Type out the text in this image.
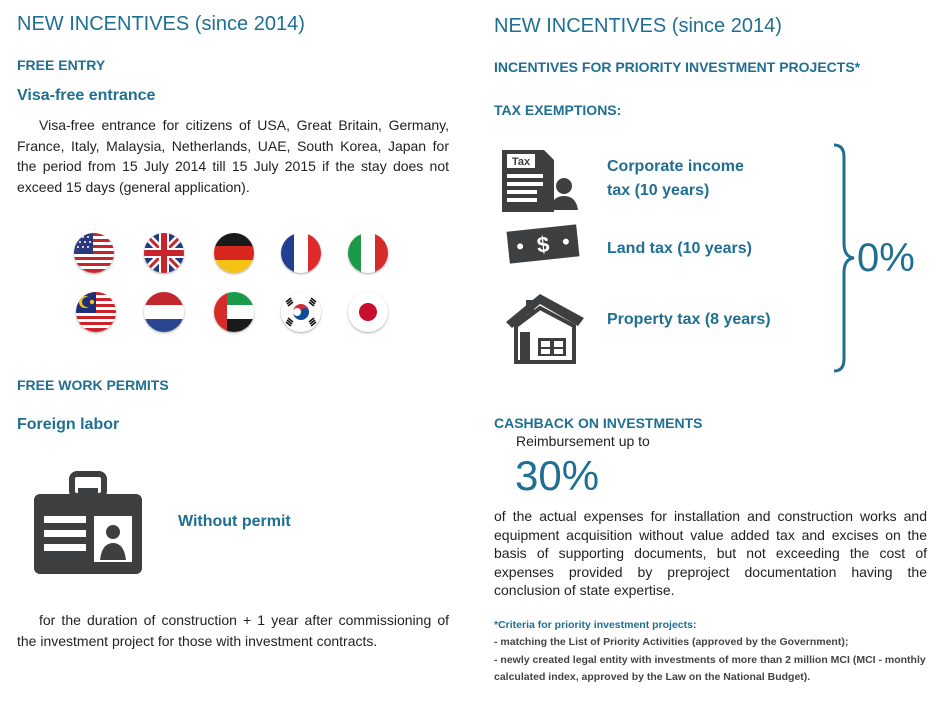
NEW INCENTIVES (since 2014)
FREE ENTRY
Visa-free entrance
Visa-free entrance for citizens of USA, Great Britain, Germany, France, Italy, Malaysia, Netherlands, UAE, South Korea, Japan for the period from 15 July 2014 till 15 July 2015 if the stay does not exceed 15 days (general application).
FREE WORK PERMITS
Foreign labor
Without permit
for the duration of construction + 1 year after commissioning of the investment project for those with investment contracts.
NEW INCENTIVES (since 2014)
INCENTIVES FOR PRIORITY INVESTMENT PROJECTS*
TAX EXEMPTIONS:
Tax
$
Corporate income
tax (10 years)
Land tax (10 years)
Property tax (8 years)
0%
CASHBACK ON INVESTMENTS
Reimbursement up to
30%
of the actual expenses for installation and construction works and equipment acquisition without value added tax and excises on the basis of supporting documents, but not exceeding the cost of expenses provided by preproject documentation having the conclusion of state expertise.
*Criteria for priority investment projects:
- matching the List of Priority Activities (approved by the Government);
- newly created legal entity with investments of more than 2 million MCI (MCI - monthly
calculated index, approved by the Law on the National Budget).
